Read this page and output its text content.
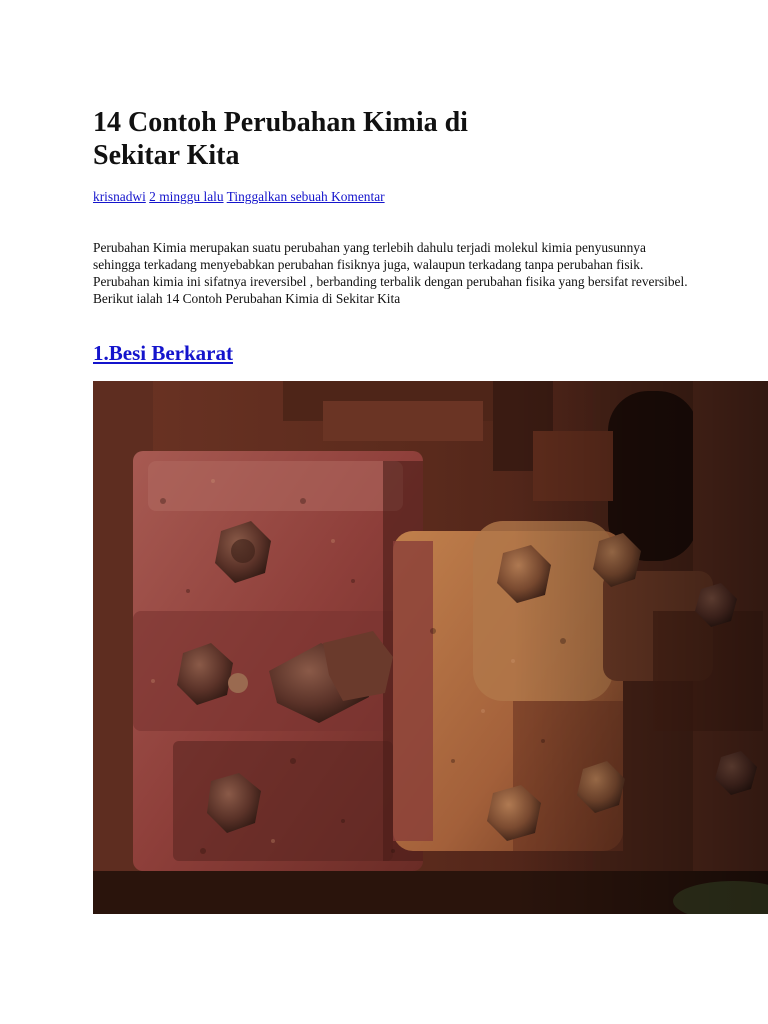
14 Contoh Perubahan Kimia di
Sekitar Kita
krisnadwi 2 minggu lalu Tinggalkan sebuah Komentar

Perubahan Kimia merupakan suatu perubahan yang terlebih dahulu terjadi molekul kimia penyusunnya sehingga terkadang menyebabkan perubahan fisiknya juga, walaupun terkadang tanpa perubahan fisik. Perubahan kimia ini sifatnya ireversibel , berbanding terbalik dengan perubahan fisika yang bersifat reversibel. Berikut ialah 14 Contoh Perubahan Kimia di Sekitar Kita

1.Besi Berkarat
